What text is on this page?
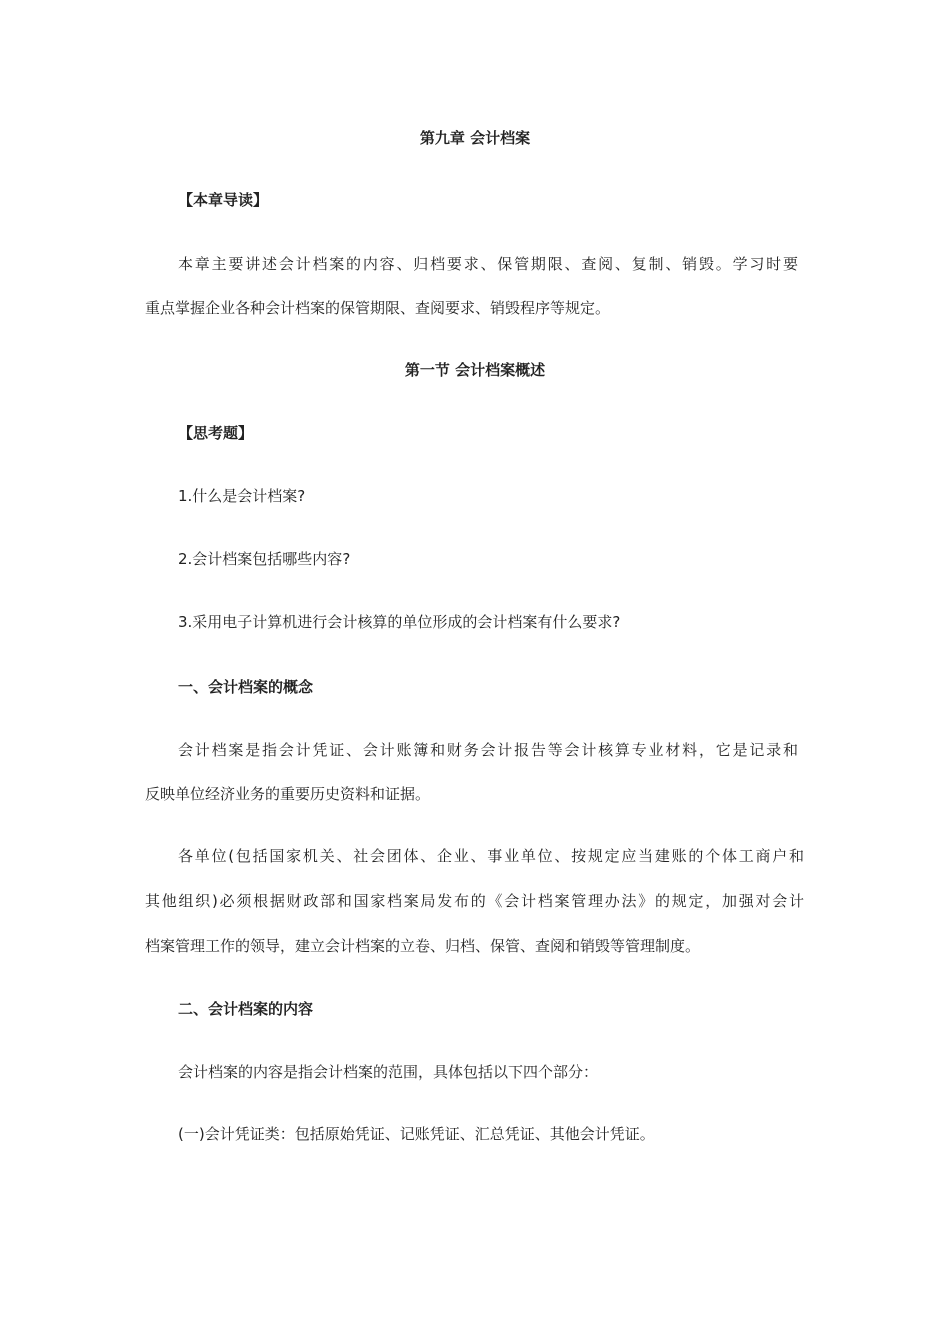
第九章 会计档案
【本章导读】
本章主要讲述会计档案的内容、归档要求、保管期限、查阅、复制、销毁。学习时要
重点掌握企业各种会计档案的保管期限、查阅要求、销毁程序等规定。
第一节 会计档案概述
【思考题】
1.什么是会计档案?
2.会计档案包括哪些内容?
3.采用电子计算机进行会计核算的单位形成的会计档案有什么要求?
一、会计档案的概念
会计档案是指会计凭证、会计账簿和财务会计报告等会计核算专业材料，它是记录和
反映单位经济业务的重要历史资料和证据。
各单位(包括国家机关、社会团体、企业、事业单位、按规定应当建账的个体工商户和
其他组织)必须根据财政部和国家档案局发布的《会计档案管理办法》的规定，加强对会计
档案管理工作的领导，建立会计档案的立卷、归档、保管、查阅和销毁等管理制度。
二、会计档案的内容
会计档案的内容是指会计档案的范围，具体包括以下四个部分：
(一)会计凭证类：包括原始凭证、记账凭证、汇总凭证、其他会计凭证。
